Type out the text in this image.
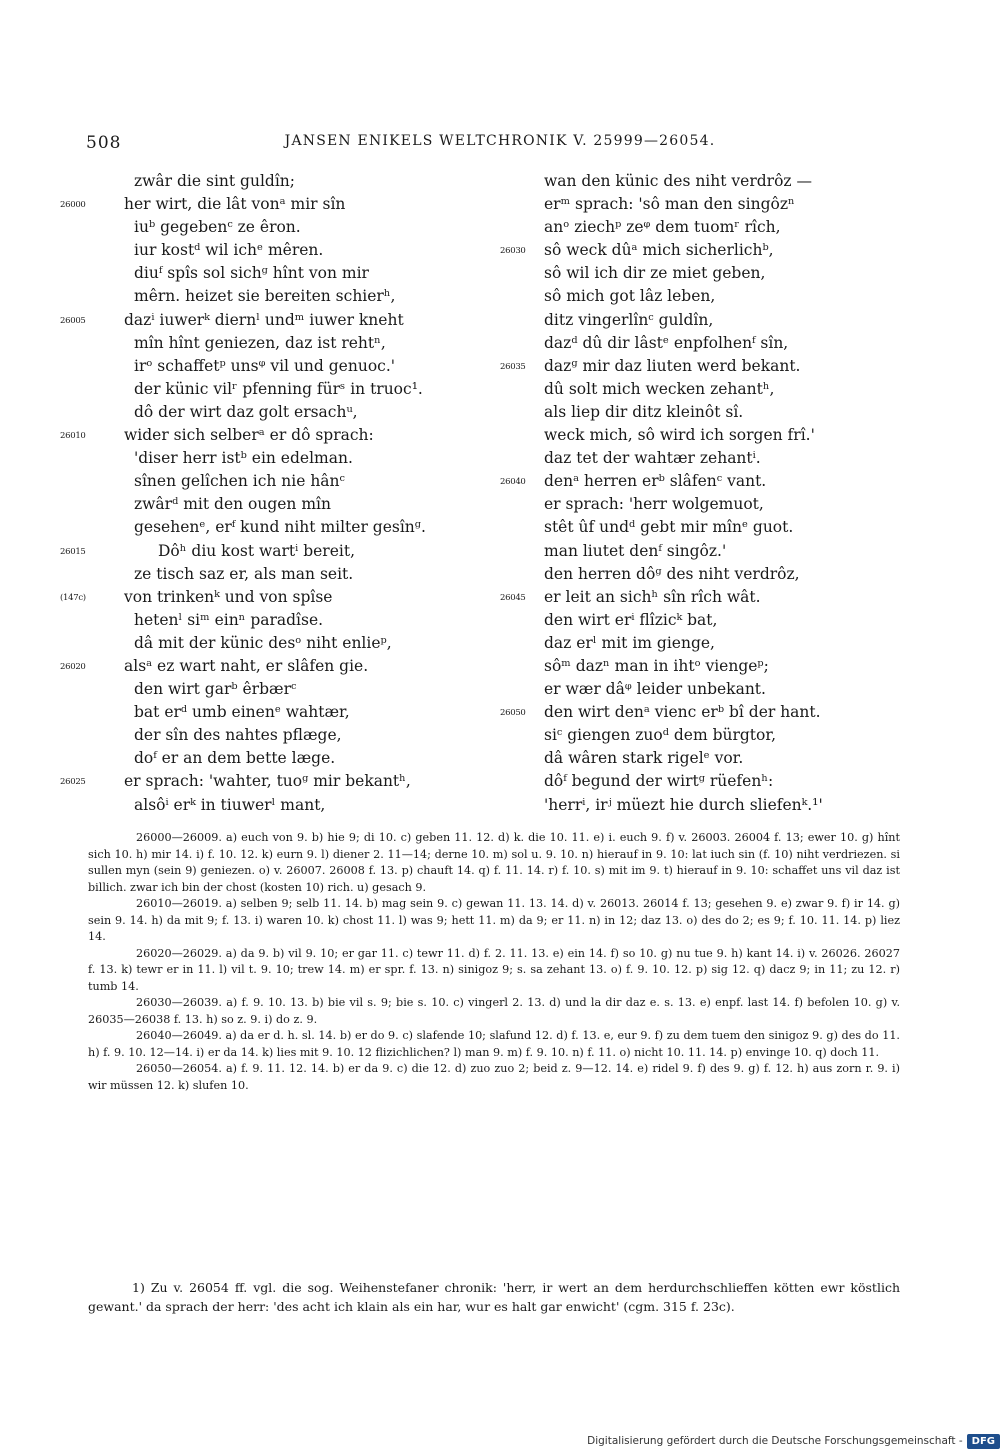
508	JANSEN ENIKELS WELTCHRONIK V. 25999—26054.
zwâr die sint guldîn;
26000	her wirt, die lât vonᵃ mir sîn
iuᵇ gegebenᶜ ze êron.
iur kostᵈ wil ichᵉ mêren.
diuᶠ spîs sol sichᵍ hînt von mir
mêrn. heizet sie bereiten schierʰ,
26005	dazⁱ iuwerᵏ diernˡ undᵐ iuwer kneht
mîn hînt geniezen, daz ist rehtⁿ,
irᵒ schaffetᵖ unsᵠ vil und genuoc.'
der künic vilʳ pfenning fürˢ in truoc¹.
dô der wirt daz golt ersachᵘ,
26010	wider sich selberᵃ er dô sprach:
'diser herr istᵇ ein edelman.
sînen gelîchen ich nie hânᶜ
zwârᵈ mit den ougen mîn
gesehenᵉ, erᶠ kund niht milter gesînᵍ.
26015	Dôʰ diu kost wartⁱ bereit,
ze tisch saz er, als man seit.
(147c)	von trinkenᵏ und von spîse
hetenˡ siᵐ einⁿ paradîse.
dâ mit der künic desᵒ niht enlieᵖ,
26020	alsᵃ ez wart naht, er slâfen gie.
den wirt garᵇ êrbærᶜ
bat erᵈ umb einenᵉ wahtær,
der sîn des nahtes pflæge,
doᶠ er an dem bette læge.
26025	er sprach: 'wahter, tuoᵍ mir bekantʰ,
alsôⁱ erᵏ in tiuwerˡ mant,
wan den künic des niht verdrôz —
erᵐ sprach: 'sô man den singôzⁿ
anᵒ ziechᵖ zeᵠ dem tuomʳ rîch,
26030	sô weck dûᵃ mich sicherlichᵇ,
sô wil ich dir ze miet geben,
sô mich got lâz leben,
ditz vingerlînᶜ guldîn,
dazᵈ dû dir lâstᵉ enpfolhenᶠ sîn,
26035	dazᵍ mir daz liuten werd bekant.
dû solt mich wecken zehantʰ,
als liep dir ditz kleinôt sî.
weck mich, sô wird ich sorgen frî.'
daz tet der wahtær zehantⁱ.
26040	denᵃ herren erᵇ slâfenᶜ vant.
er sprach: 'herr wolgemuot,
stêt ûf undᵈ gebt mir mînᵉ guot.
man liutet denᶠ singôz.'
den herren dôᵍ des niht verdrôz,
26045	er leit an sichʰ sîn rîch wât.
den wirt erⁱ flîzicᵏ bat,
daz erˡ mit im gienge,
sôᵐ dazⁿ man in ihtᵒ viengeᵖ;
er wær dâᵠ leider unbekant.
26050	den wirt denᵃ vienc erᵇ bî der hant.
siᶜ giengen zuoᵈ dem bürgtor,
dâ wâren stark rigelᵉ vor.
dôᶠ begund der wirtᵍ rüefenʰ:
'herrⁱ, irʲ müezt hie durch sliefenᵏ.¹'

26000—26009. a) euch von 9. b) hie 9; di 10. c) geben 11. 12. d) k. die 10. 11. e) i. euch 9. f) v. 26003. 26004 f. 13; ewer 10. g) hînt sich 10. h) mir 14. i) f. 10. 12. k) eurn 9. l) diener 2. 11—14; derne 10. m) sol u. 9. 10. n) hierauf in 9. 10: lat iuch sin (f. 10) niht verdriezen. si sullen myn (sein 9) geniezen. o) v. 26007. 26008 f. 13. p) chauft 14. q) f. 11. 14. r) f. 10. s) mit im 9. t) hierauf in 9. 10: schaffet uns vil daz ist billich. zwar ich bin der chost (kosten 10) rich. u) gesach 9.

26010—26019. a) selben 9; selb 11. 14. b) mag sein 9. c) gewan 11. 13. 14. d) v. 26013. 26014 f. 13; gesehen 9. e) zwar 9. f) ir 14. g) sein 9. 14. h) da mit 9; f. 13. i) waren 10. k) chost 11. l) was 9; hett 11. m) da 9; er 11. n) in 12; daz 13. o) des do 2; es 9; f. 10. 11. 14. p) liez 14.

26020—26029. a) da 9. b) vil 9. 10; er gar 11. c) tewr 11. d) f. 2. 11. 13. e) ein 14. f) so 10. g) nu tue 9. h) kant 14. i) v. 26026. 26027 f. 13. k) tewr er in 11. l) vil t. 9. 10; trew 14. m) er spr. f. 13. n) sinigoz 9; s. sa zehant 13. o) f. 9. 10. 12. p) sig 12. q) dacz 9; in 11; zu 12. r) tumb 14.

26030—26039. a) f. 9. 10. 13. b) bie vil s. 9; bie s. 10. c) vingerl 2. 13. d) und la dir daz e. s. 13. e) enpf. last 14. f) befolen 10. g) v. 26035—26038 f. 13. h) so z. 9. i) do z. 9.

26040—26049. a) da er d. h. sl. 14. b) er do 9. c) slafende 10; slafund 12. d) f. 13. e, eur 9. f) zu dem tuem den sinigoz 9. g) des do 11. h) f. 9. 10. 12—14. i) er da 14. k) lies mit 9. 10. 12 flizichlichen? l) man 9. m) f. 9. 10. n) f. 11. o) nicht 10. 11. 14. p) envinge 10. q) doch 11.

26050—26054. a) f. 9. 11. 12. 14. b) er da 9. c) die 12. d) zuo zuo 2; beid z. 9—12. 14. e) ridel 9. f) des 9. g) f. 12. h) aus zorn r. 9. i) wir müssen 12. k) slufen 10.

1) Zu v. 26054 ff. vgl. die sog. Weihenstefaner chronik: 'herr, ir wert an dem herdurchschlieffen kötten ewr köstlich gewant.' da sprach der herr: 'des acht ich klain als ein har, wur es halt gar enwicht' (cgm. 315 f. 23c).

Digitalisierung gefördert durch die Deutsche Forschungsgemeinschaft - DFG
